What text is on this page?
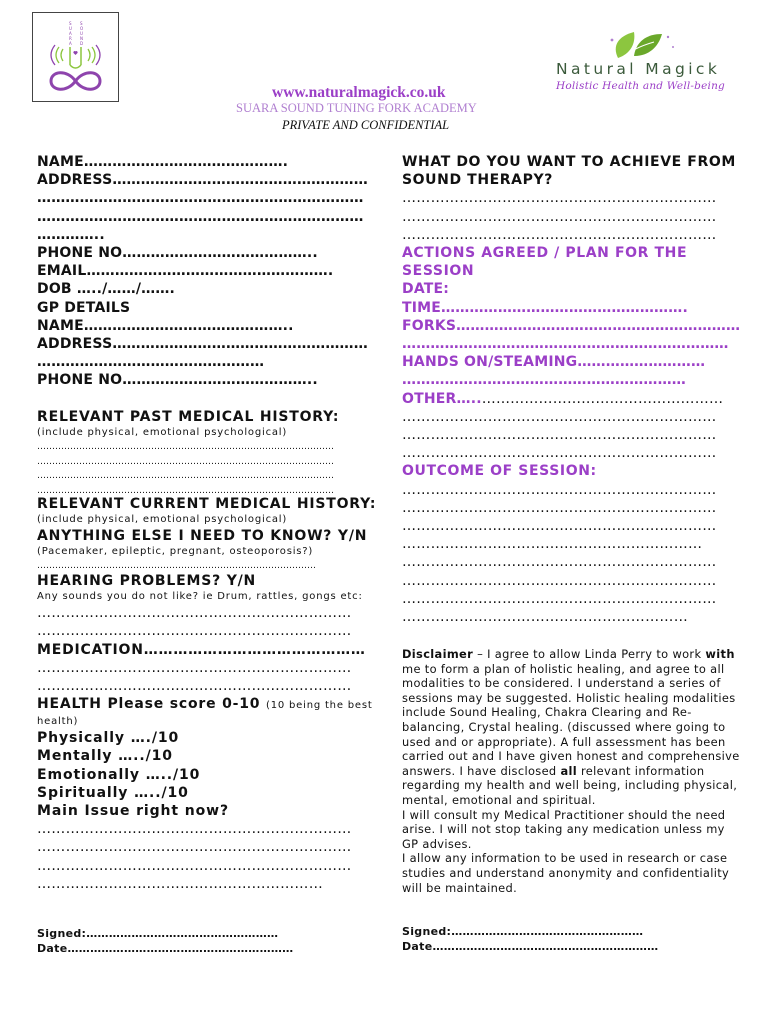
S
U
A
R
A
S
O
U
N
D
www.naturalmagick.co.uk
SUARA SOUND TUNING FORK ACADEMY
PRIVATE AND CONFIDENTIAL
Natural Magick
Holistic Health and Well-being
NAME…………………………………….
ADDRESS………………………………………………
……………………………………………………………
……………………………………………………………
…………..
PHONE NO…………………………………..
EMAIL…………………………………………….
DOB …../……/…….
GP DETAILS
NAME……………………………………..
ADDRESS………………………………………………
…………………………………………
PHONE NO…………………………………..
RELEVANT PAST MEDICAL HISTORY:
(include physical, emotional psychological)
………………………………………………………………………………………
………………………………………………………………………………………
………………………………………………………………………………………
………………………………………………………………………………………
RELEVANT CURRENT MEDICAL HISTORY:
(include physical, emotional psychological)
ANYTHING ELSE I NEED TO KNOW? Y/N
(Pacemaker, epileptic, pregnant, osteoporosis?)
…………………………………………………………………………………
HEARING PROBLEMS? Y/N
Any sounds you do not like? ie Drum, rattles, gongs etc:
…………………………………………………………
…………………………………………………………
MEDICATION………………………………………
…………………………………………………………
…………………………………………………………
HEALTH Please score 0-10 (10 being the best
health)
Physically …./10
Mentally …../10
Emotionally …../10
Spiritually …../10
Main Issue right now?
…………………………………………………………
…………………………………………………………
…………………………………………………………
……………………………………………………
Signed:……………………………………………
Date……………………………………………………
WHAT DO YOU WANT TO ACHIEVE FROM
SOUND THERAPY?
…………………………………………………………
…………………………………………………………
…………………………………………………………
ACTIONS AGREED / PLAN FOR THE
SESSION
DATE:
TIME…………………………………………….
FORKS……………………………………………………
……………………………………………………………
HANDS ON/STEAMING………………………
……………………………………………………
OTHER…..……………………………………………
…………………………………………………………
…………………………………………………………
…………………………………………………………
OUTCOME OF SESSION:
…………………………………………………………
…………………………………………………………
…………………………………………………………
………………………………………………………
…………………………………………………………
…………………………………………………………
…………………………………………………………
……………………………………………………

Disclaimer – I agree to allow Linda Perry to work with me to form a plan of holistic healing, and agree to all modalities to be considered. I understand a series of sessions may be suggested. Holistic healing modalities include Sound Healing, Chakra Clearing and Re-balancing, Crystal healing. (discussed where going to used and or appropriate). A full assessment has been carried out and I have given honest and comprehensive answers. I have disclosed all relevant information regarding my health and well being, including physical, mental, emotional and spiritual.

I will consult my Medical Practitioner should the need arise. I will not stop taking any medication unless my GP advises.

I allow any information to be used in research or case studies and understand anonymity and confidentiality will be maintained.

Signed:……………………………………………
Date……………………………………………………
